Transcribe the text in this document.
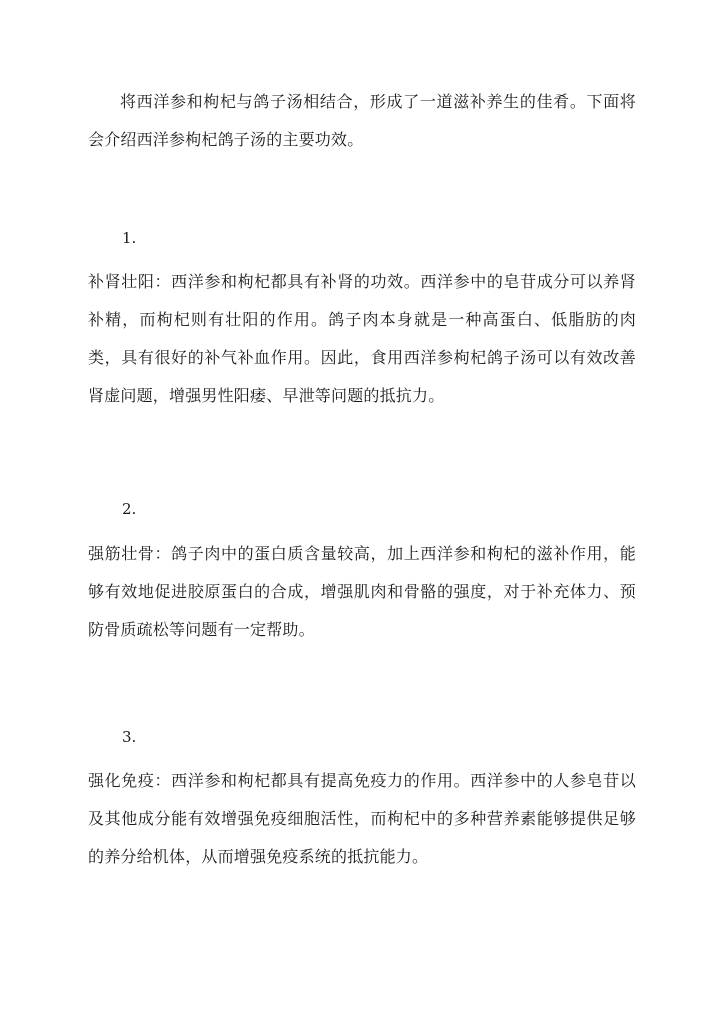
将西洋参和枸杞与鸽子汤相结合，形成了一道滋补养生的佳肴。下面将会介绍西洋参枸杞鸽子汤的主要功效。

1.

补肾壮阳：西洋参和枸杞都具有补肾的功效。西洋参中的皂苷成分可以养肾补精，而枸杞则有壮阳的作用。鸽子肉本身就是一种高蛋白、低脂肪的肉类，具有很好的补气补血作用。因此，食用西洋参枸杞鸽子汤可以有效改善肾虚问题，增强男性阳痿、早泄等问题的抵抗力。

2.

强筋壮骨：鸽子肉中的蛋白质含量较高，加上西洋参和枸杞的滋补作用，能够有效地促进胶原蛋白的合成，增强肌肉和骨骼的强度，对于补充体力、预防骨质疏松等问题有一定帮助。

3.

强化免疫：西洋参和枸杞都具有提高免疫力的作用。西洋参中的人参皂苷以及其他成分能有效增强免疫细胞活性，而枸杞中的多种营养素能够提供足够的养分给机体，从而增强免疫系统的抵抗能力。
